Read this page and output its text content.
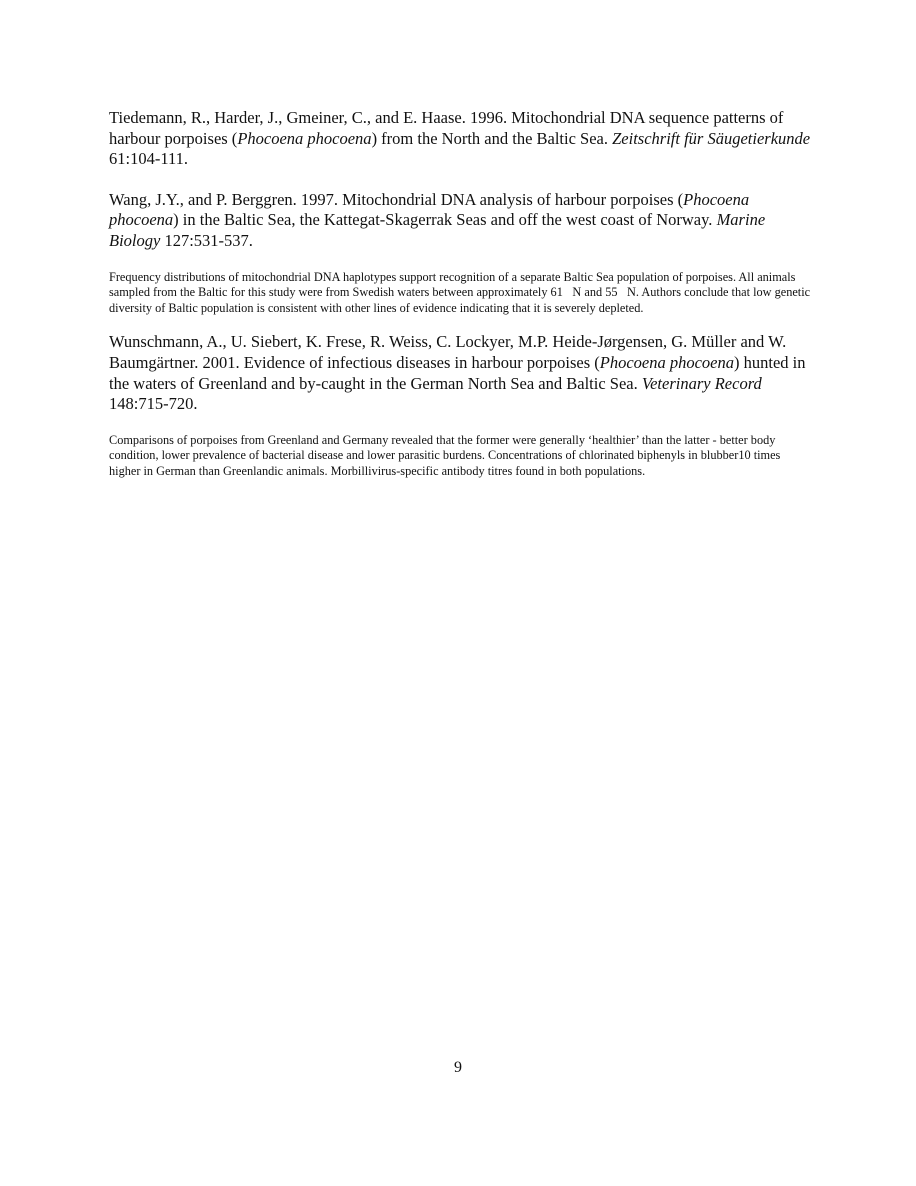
Tiedemann, R., Harder, J., Gmeiner, C., and E. Haase. 1996. Mitochondrial DNA sequence patterns of harbour porpoises (Phocoena phocoena) from the North and the Baltic Sea. Zeitschrift für Säugetierkunde 61:104-111.

Wang, J.Y., and P. Berggren. 1997. Mitochondrial DNA analysis of harbour porpoises (Phocoena phocoena) in the Baltic Sea, the Kattegat-Skagerrak Seas and off the west coast of Norway. Marine Biology 127:531-537.

Frequency distributions of mitochondrial DNA haplotypes support recognition of a separate Baltic Sea population of porpoises. All animals sampled from the Baltic for this study were from Swedish waters between approximately 61 N and 55 N. Authors conclude that low genetic diversity of Baltic population is consistent with other lines of evidence indicating that it is severely depleted.

Wunschmann, A., U. Siebert, K. Frese, R. Weiss, C. Lockyer, M.P. Heide-Jørgensen, G. Müller and W. Baumgärtner. 2001. Evidence of infectious diseases in harbour porpoises (Phocoena phocoena) hunted in the waters of Greenland and by-caught in the German North Sea and Baltic Sea. Veterinary Record 148:715-720.

Comparisons of porpoises from Greenland and Germany revealed that the former were generally ‘healthier’ than the latter - better body condition, lower prevalence of bacterial disease and lower parasitic burdens. Concentrations of chlorinated biphenyls in blubber10 times higher in German than Greenlandic animals. Morbillivirus-specific antibody titres found in both populations.

9
